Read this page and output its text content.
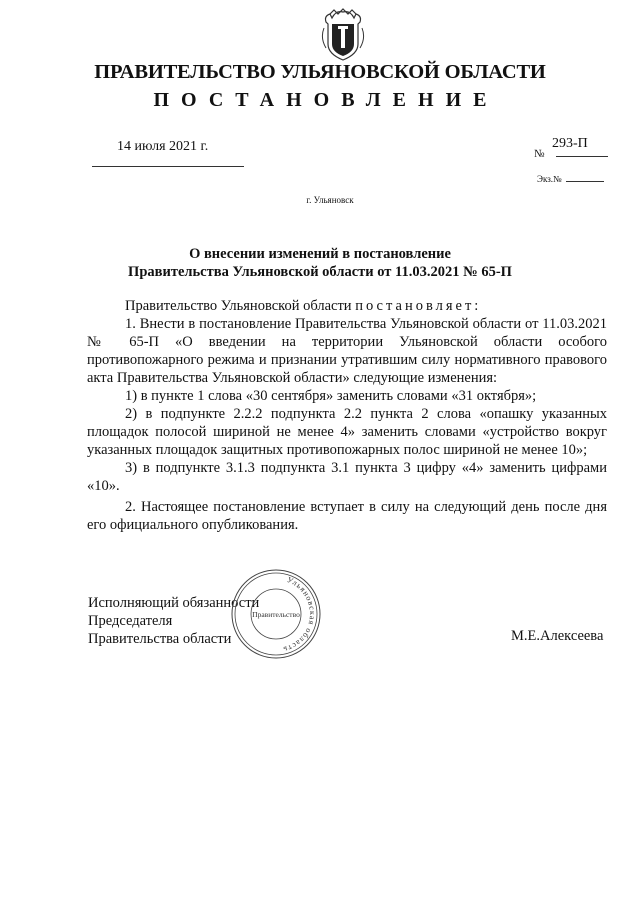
ПРАВИТЕЛЬСТВО УЛЬЯНОВСКОЙ ОБЛАСТИ
ПОСТАНОВЛЕНИЕ
14 июля 2021 г.	293-П
№
Экз.№
г. Ульяновск
О внесении изменений в постановление
Правительства Ульяновской области от 11.03.2021 № 65-П

Правительство Ульяновской области постановляет:

1. Внести в постановление Правительства Ульяновской области от 11.03.2021 № 65-П «О введении на территории Ульяновской области особого противопожарного режима и признании утратившим силу нормативного правового акта Правительства Ульяновской области» следующие изменения:

1) в пункте 1 слова «30 сентября» заменить словами «31 октября»;

2) в подпункте 2.2.2 подпункта 2.2 пункта 2 слова «опашку указанных площадок полосой шириной не менее 4» заменить словами «устройство вокруг указанных площадок защитных противопожарных полос шириной не менее 10»;

3) в подпункте 3.1.3 подпункта 3.1 пункта 3 цифру «4» заменить цифрами «10».

2. Настоящее постановление вступает в силу на следующий день после дня его официального опубликования.

Исполняющий обязанности
Председателя
Правительства области
Ульяновская область
Правительство
М.Е.Алексеева
